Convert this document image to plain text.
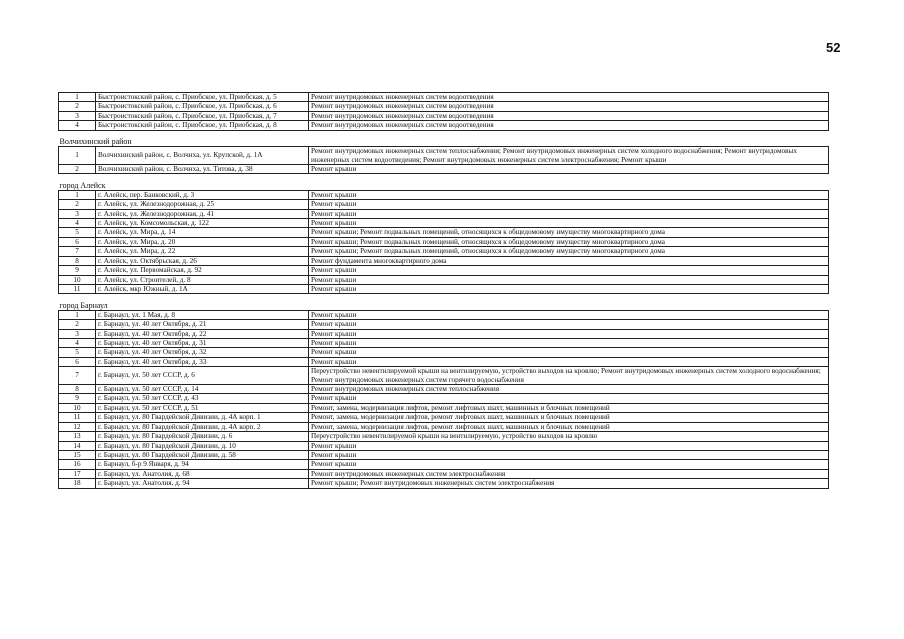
52
1	Быстроистокский район, с. Приобское, ул. Приобская, д. 5	Ремонт внутридомовых инженерных систем водоотведения
2	Быстроистокский район, с. Приобское, ул. Приобская, д. 6	Ремонт внутридомовых инженерных систем водоотведения
3	Быстроистокский район, с. Приобское, ул. Приобская, д. 7	Ремонт внутридомовых инженерных систем водоотведения
4	Быстроистокский район, с. Приобское, ул. Приобская, д. 8	Ремонт внутридомовых инженерных систем водоотведения

Волчихинский район		
1	Волчихинский район, с. Волчиха, ул. Крупской, д. 1А	Ремонт внутридомовых инженерных систем теплоснабжения; Ремонт внутридомовых инженерных систем холодного водоснабжения; Ремонт внутридомовых инженерных систем водоотведения; Ремонт внутридомовых инженерных систем электроснабжения; Ремонт крыши
2	Волчихинский район, с. Волчиха, ул. Титова, д. 38	Ремонт крыши

город Алейск		
1	г. Алейск, пер. Банковский, д. 3	Ремонт крыши
2	г. Алейск, ул. Железнодорожная, д. 25	Ремонт крыши
3	г. Алейск, ул. Железнодорожная, д. 41	Ремонт крыши
4	г. Алейск, ул. Комсомольская, д. 122	Ремонт крыши
5	г. Алейск, ул. Мира, д. 14	Ремонт крыши; Ремонт подвальных помещений, относящихся к общедомовому имуществу многоквартирного дома
6	г. Алейск, ул. Мира, д. 20	Ремонт крыши; Ремонт подвальных помещений, относящихся к общедомовому имуществу многоквартирного дома
7	г. Алейск, ул. Мира, д. 22	Ремонт крыши; Ремонт подвальных помещений, относящихся к общедомовому имуществу многоквартирного дома
8	г. Алейск, ул. Октябрьская, д. 26	Ремонт фундамента многоквартирного дома
9	г. Алейск, ул. Первомайская, д. 92	Ремонт крыши
10	г. Алейск, ул. Строителей, д. 8	Ремонт крыши
11	г. Алейск, мкр Южный, д. 1А	Ремонт крыши

город Барнаул		
1	г. Барнаул, ул. 1 Мая, д. 8	Ремонт крыши
2	г. Барнаул, ул. 40 лет Октября, д. 21	Ремонт крыши
3	г. Барнаул, ул. 40 лет Октября, д. 22	Ремонт крыши
4	г. Барнаул, ул. 40 лет Октября, д. 31	Ремонт крыши
5	г. Барнаул, ул. 40 лет Октября, д. 32	Ремонт крыши
6	г. Барнаул, ул. 40 лет Октября, д. 33	Ремонт крыши
7	г. Барнаул, ул. 50 лет СССР, д. 6	Переустройство невентилируемой крыши на вентилируемую, устройство выходов на кровлю; Ремонт внутридомовых инженерных систем холодного водоснабжения; Ремонт внутридомовых инженерных систем горячего водоснабжения
8	г. Барнаул, ул. 50 лет СССР, д. 14	Ремонт внутридомовых инженерных систем теплоснабжения
9	г. Барнаул, ул. 50 лет СССР, д. 43	Ремонт крыши
10	г. Барнаул, ул. 50 лет СССР, д. 51	Ремонт, замена, модернизация лифтов, ремонт лифтовых шахт, машинных и блочных помещений
11	г. Барнаул, ул. 80 Гвардейской Дивизии, д. 4А корп. 1	Ремонт, замена, модернизация лифтов, ремонт лифтовых шахт, машинных и блочных помещений
12	г. Барнаул, ул. 80 Гвардейской Дивизии, д. 4А корп. 2	Ремонт, замена, модернизация лифтов, ремонт лифтовых шахт, машинных и блочных помещений
13	г. Барнаул, ул. 80 Гвардейской Дивизии, д. 6	Переустройство невентилируемой крыши на вентилируемую, устройство выходов на кровлю
14	г. Барнаул, ул. 80 Гвардейской Дивизии, д. 10	Ремонт крыши
15	г. Барнаул, ул. 80 Гвардейской Дивизии, д. 58	Ремонт крыши
16	г. Барнаул, б-р 9 Января, д. 94	Ремонт крыши
17	г. Барнаул, ул. Анатолия, д. 68	Ремонт внутридомовых инженерных систем электроснабжения
18	г. Барнаул, ул. Анатолия, д. 94	Ремонт крыши; Ремонт внутридомовых инженерных систем электроснабжения
